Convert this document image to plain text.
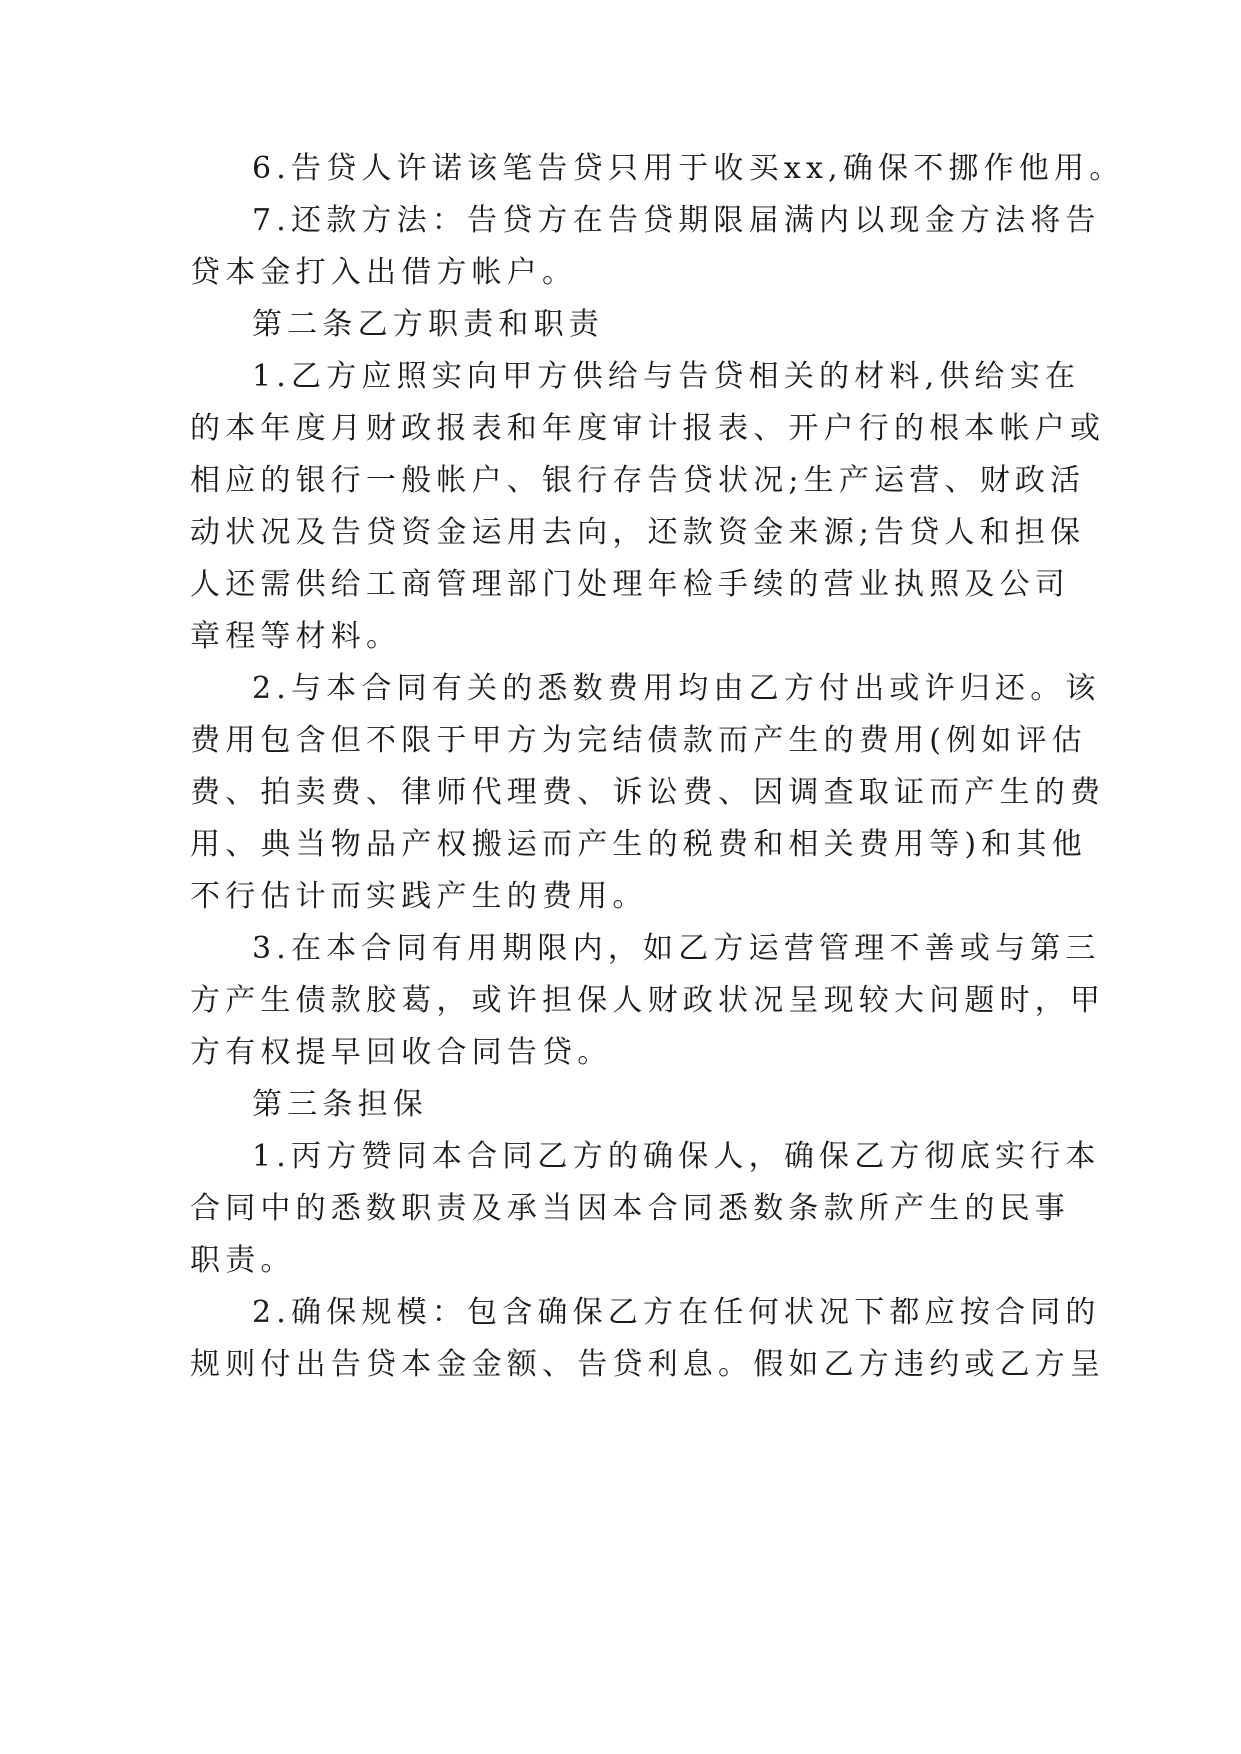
6.告贷人许诺该笔告贷只用于收买xx,确保不挪作他用。
7.还款方法：告贷方在告贷期限届满内以现金方法将告
贷本金打入出借方帐户。
第二条乙方职责和职责
1.乙方应照实向甲方供给与告贷相关的材料,供给实在
的本年度月财政报表和年度审计报表、开户行的根本帐户或
相应的银行一般帐户、银行存告贷状况;生产运营、财政活
动状况及告贷资金运用去向，还款资金来源;告贷人和担保
人还需供给工商管理部门处理年检手续的营业执照及公司
章程等材料。
2.与本合同有关的悉数费用均由乙方付出或许归还。该
费用包含但不限于甲方为完结债款而产生的费用(例如评估
费、拍卖费、律师代理费、诉讼费、因调查取证而产生的费
用、典当物品产权搬运而产生的税费和相关费用等)和其他
不行估计而实践产生的费用。
3.在本合同有用期限内，如乙方运营管理不善或与第三
方产生债款胶葛，或许担保人财政状况呈现较大问题时，甲
方有权提早回收合同告贷。
第三条担保
1.丙方赞同本合同乙方的确保人，确保乙方彻底实行本
合同中的悉数职责及承当因本合同悉数条款所产生的民事
职责。
2.确保规模：包含确保乙方在任何状况下都应按合同的
规则付出告贷本金金额、告贷利息。假如乙方违约或乙方呈
